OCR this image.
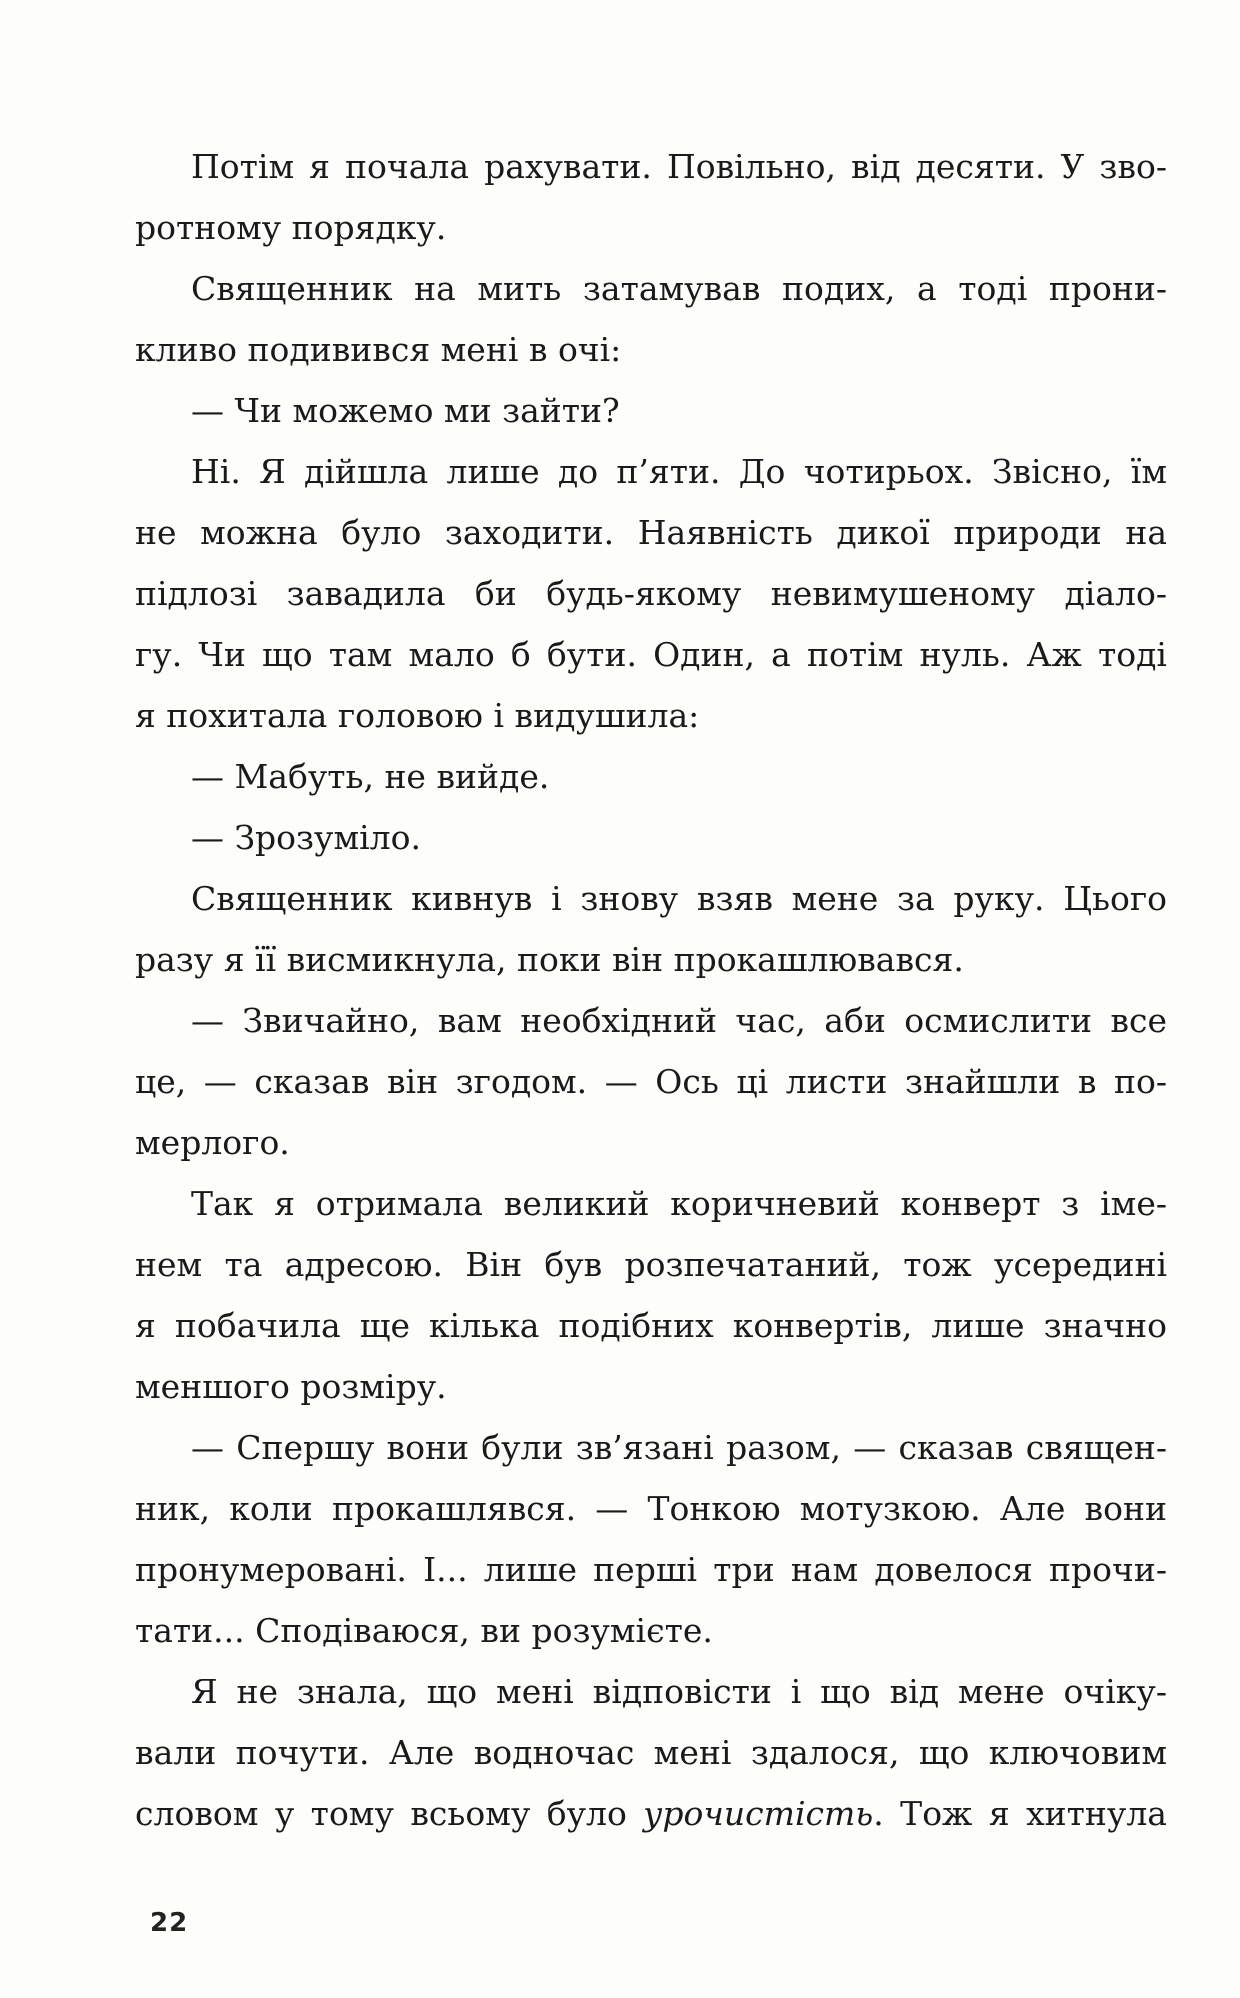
Потім я почала рахувати. Повільно, від десяти. У зво-
ротному порядку.
Священник на мить затамував подих, а тоді прони-
кливо подивився мені в очі:
— Чи можемо ми зайти?
Ні. Я дійшла лише до п’яти. До чотирьох. Звісно, їм
не можна було заходити. Наявність дикої природи на
підлозі завадила би будь-якому невимушеному діало-
гу. Чи що там мало б бути. Один, а потім нуль. Аж тоді
я похитала головою і видушила:
— Мабуть, не вийде.
— Зрозуміло.
Священник кивнув і знову взяв мене за руку. Цього
разу я її висмикнула, поки він прокашлювався.
— Звичайно, вам необхідний час, аби осмислити все
це, — сказав він згодом. — Ось ці листи знайшли в по-
мерлого.
Так я отримала великий коричневий конверт з іме-
нем та адресою. Він був розпечатаний, тож усередині
я побачила ще кілька подібних конвертів, лише значно
меншого розміру.
— Спершу вони були зв’язані разом, — сказав священ-
ник, коли прокашлявся. — Тонкою мотузкою. Але вони
пронумеровані. І... лише перші три нам довелося прочи-
тати... Сподіваюся, ви розумієте.
Я не знала, що мені відповісти і що від мене очіку-
вали почути. Але водночас мені здалося, що ключовим
словом у тому всьому було урочистість. Тож я хитнула
22
